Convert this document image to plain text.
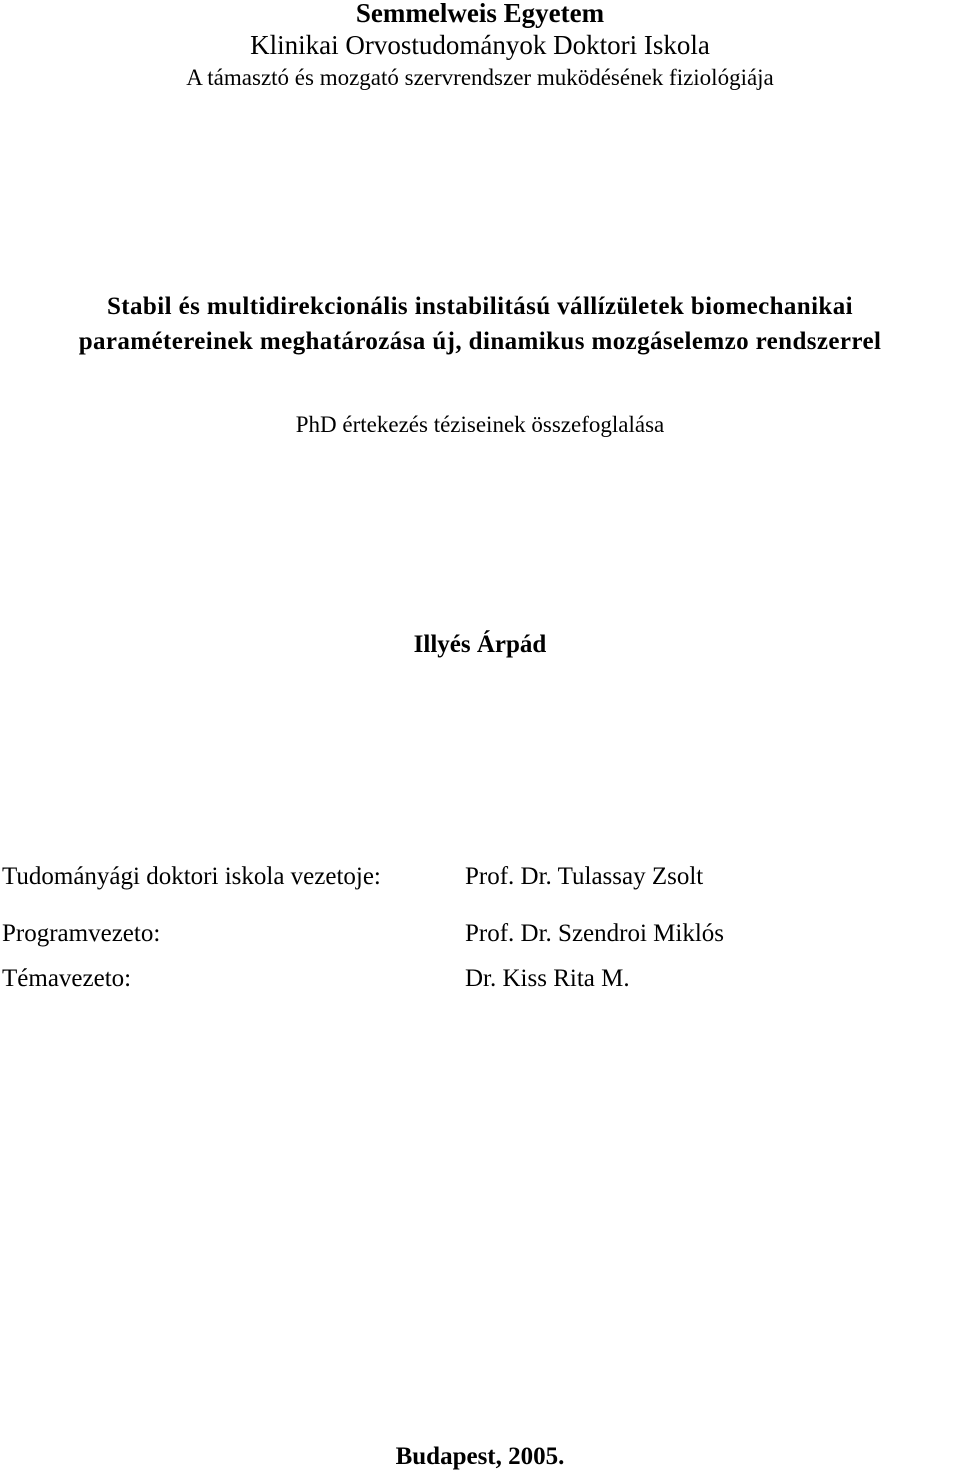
Semmelweis Egyetem
Klinikai Orvostudományok Doktori Iskola
A támasztó és mozgató szervrendszer muködésének fiziológiája
Stabil és multidirekcionális instabilitású vállízületek biomechanikai
paramétereinek meghatározása új, dinamikus mozgáselemzo rendszerrel
PhD értekezés téziseinek összefoglalása
Illyés Árpád
Tudományági doktori iskola vezetoje:	Prof. Dr. Tulassay Zsolt
Programvezeto:	Prof. Dr. Szendroi Miklós
Témavezeto:	Dr. Kiss Rita M.
Budapest, 2005.
